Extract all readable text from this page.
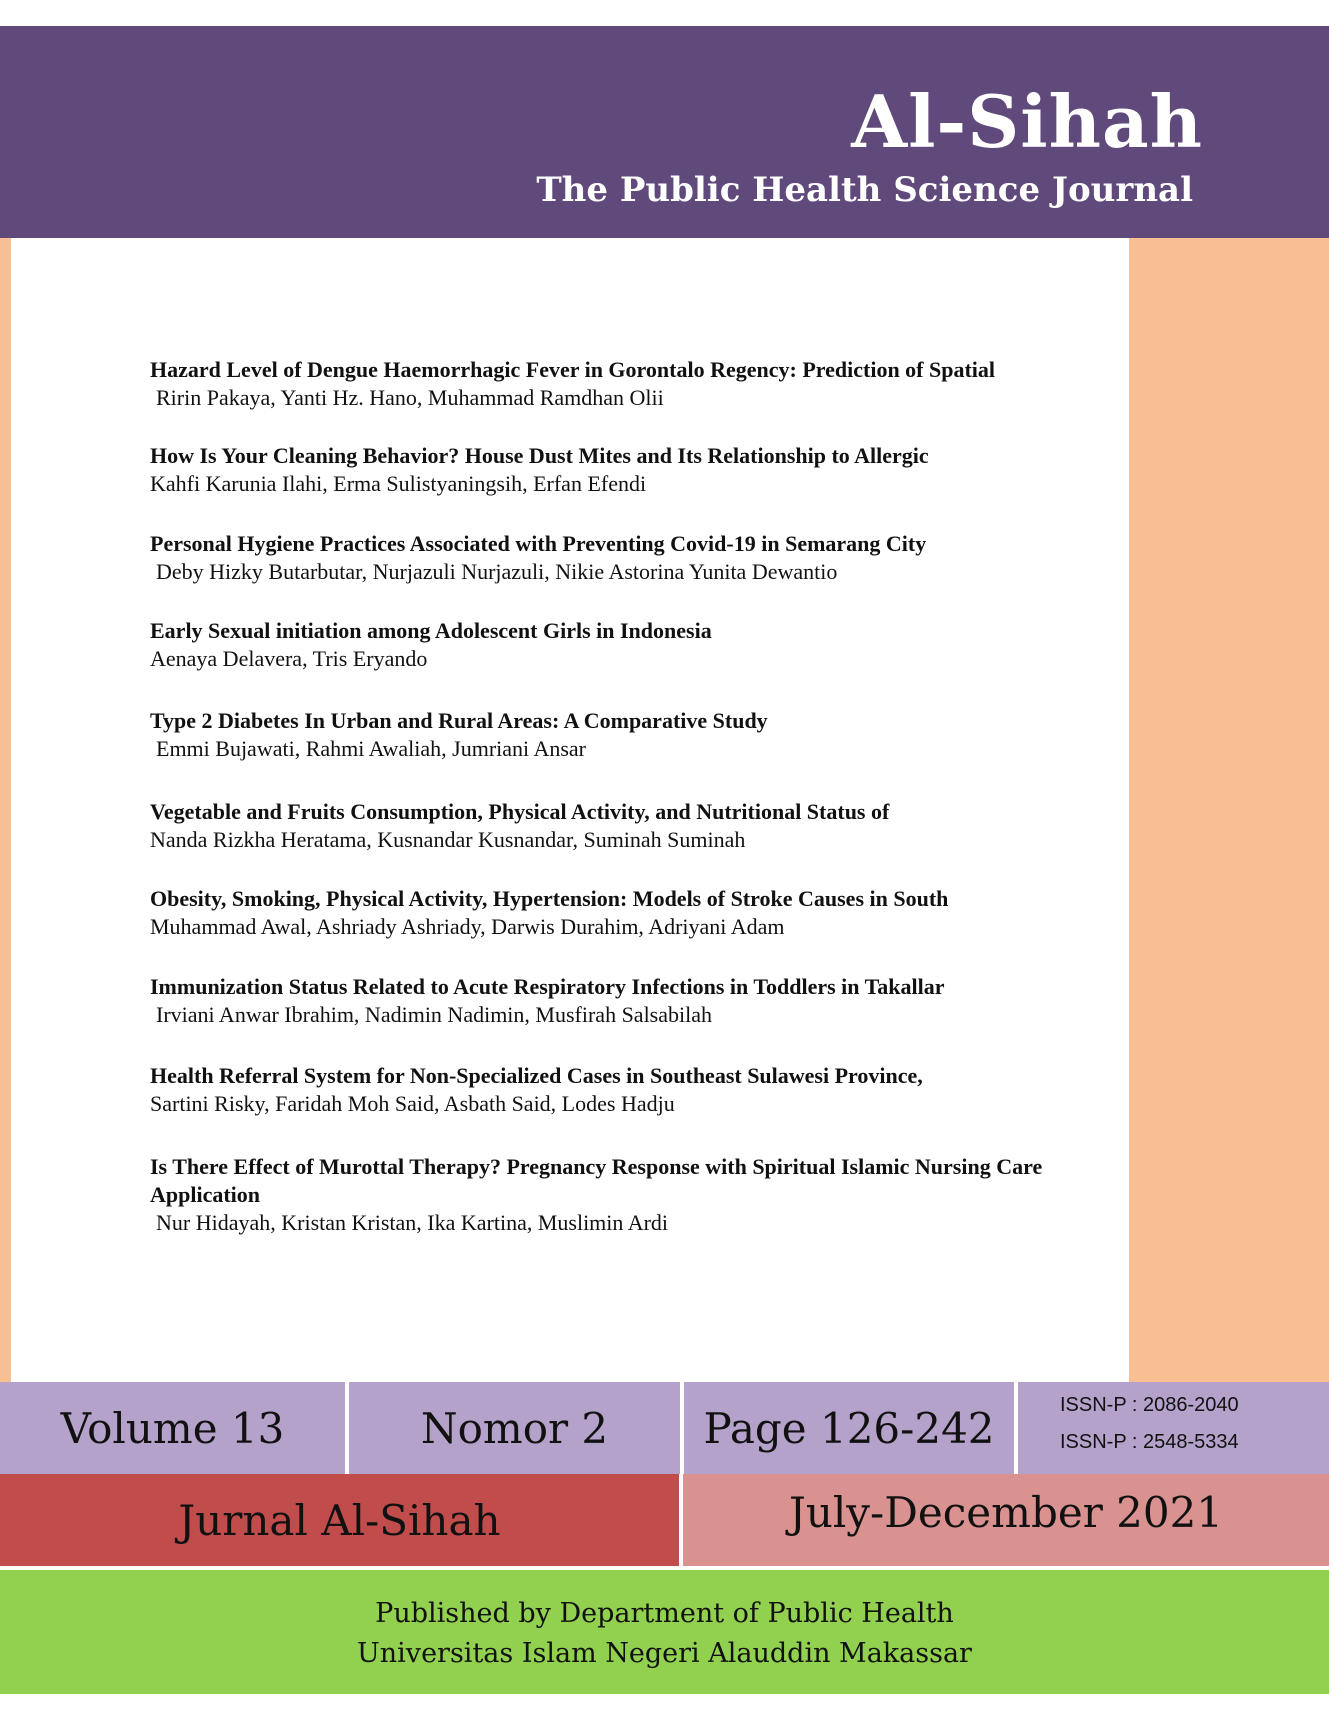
Al-Sihah
The Public Health Science Journal
Hazard Level of Dengue Haemorrhagic Fever in Gorontalo Regency: Prediction of Spatial
Ririn Pakaya, Yanti Hz. Hano, Muhammad Ramdhan Olii
How Is Your Cleaning Behavior? House Dust Mites and Its Relationship to Allergic
Kahfi Karunia Ilahi, Erma Sulistyaningsih, Erfan Efendi
Personal Hygiene Practices Associated with Preventing Covid-19 in Semarang City
Deby Hizky Butarbutar, Nurjazuli Nurjazuli, Nikie Astorina Yunita Dewantio
Early Sexual initiation among Adolescent Girls in Indonesia
Aenaya Delavera, Tris Eryando
Type 2 Diabetes In Urban and Rural Areas: A Comparative Study
Emmi Bujawati, Rahmi Awaliah, Jumriani Ansar
Vegetable and Fruits Consumption, Physical Activity, and Nutritional Status of
Nanda Rizkha Heratama, Kusnandar Kusnandar, Suminah Suminah
Obesity, Smoking, Physical Activity, Hypertension: Models of Stroke Causes in South
Muhammad Awal, Ashriady Ashriady, Darwis Durahim, Adriyani Adam
Immunization Status Related to Acute Respiratory Infections in Toddlers in Takallar
Irviani Anwar Ibrahim, Nadimin Nadimin, Musfirah Salsabilah
Health Referral System for Non-Specialized Cases in Southeast Sulawesi Province,
Sartini Risky, Faridah Moh Said, Asbath Said, Lodes Hadju
Is There Effect of Murottal Therapy? Pregnancy Response with Spiritual Islamic Nursing Care Application
Nur Hidayah, Kristan Kristan, Ika Kartina, Muslimin Ardi
Volume 13	Nomor 2	Page 126-242	ISSN-P : 2086-2040
ISSN-P : 2548-5334
Jurnal Al-Sihah	July-December 2021
Published by Department of Public Health
Universitas Islam Negeri Alauddin Makassar
